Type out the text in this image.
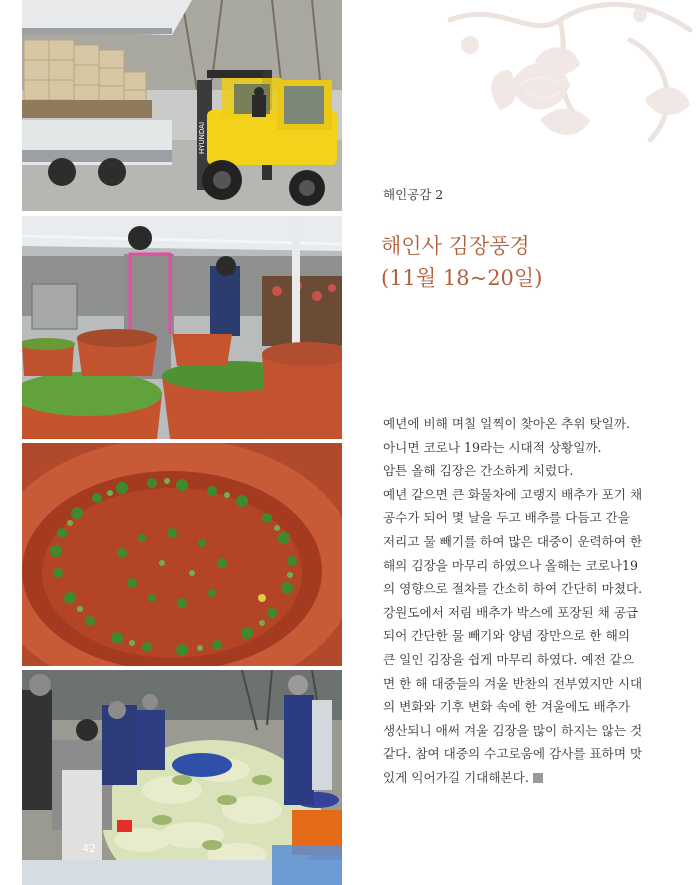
HYUNDAI
42
해인공감 2
해인사 김장풍경
(11월 18~20일)

예년에 비해 며칠 일찍이 찾아온 추위 탓일까. 아니면 코로나 19라는 시대적 상황일까.

암튼 올해 김장은 간소하게 치렀다.

예년 같으면 큰 화물차에 고랭지 배추가 포기 채 공수가 되어 몇 날을 두고 배추를 다듬고 간을 저리고 물 빼기를 하여 많은 대중이 운력하여 한 해의 김장을 마무리 하였으나 올해는 코로나19의 영향으로 절차를 간소히 하여 간단히 마쳤다.

강원도에서 저림 배추가 박스에 포장된 채 공급되어 간단한 물 빼기와 양념 장만으로 한 해의 큰 일인 김장을 쉽게 마무리 하였다. 예전 같으면 한 해 대중들의 겨울 반찬의 전부였지만 시대의 변화와 기후 변화 속에 한 겨울에도 배추가 생산되니 애써 겨울 김장을 많이 하지는 않는 것 같다. 참여 대중의 수고로움에 감사를 표하며 맛있게 익어가길 기대해본다.
